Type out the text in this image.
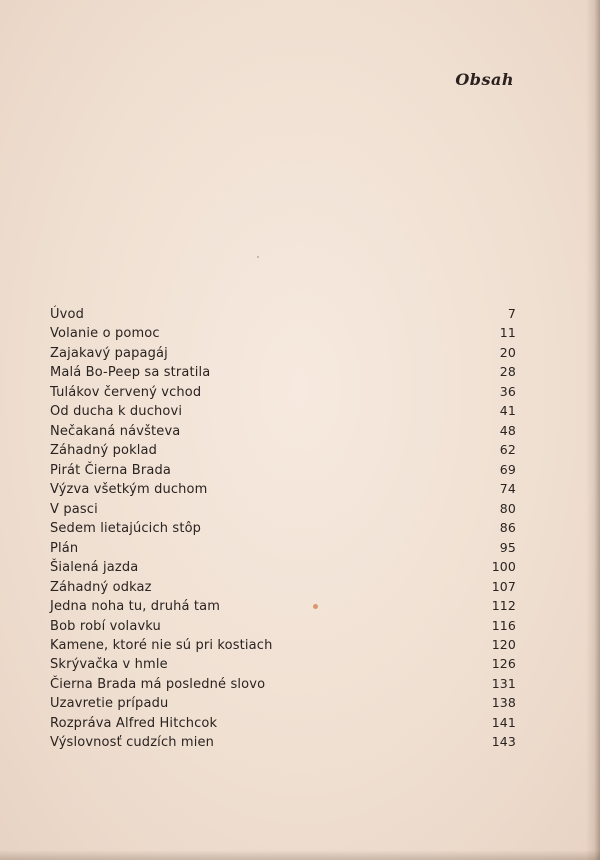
Obsah
Úvod	7
Volanie o pomoc	11
Zajakavý papagáj	20
Malá Bo-Peep sa stratila	28
Tulákov červený vchod	36
Od ducha k duchovi	41
Nečakaná návšteva	48
Záhadný poklad	62
Pirát Čierna Brada	69
Výzva všetkým duchom	74
V pasci	80
Sedem lietajúcich stôp	86
Plán	95
Šialená jazda	100
Záhadný odkaz	107
Jedna noha tu, druhá tam	112
Bob robí volavku	116
Kamene, ktoré nie sú pri kostiach	120
Skrývačka v hmle	126
Čierna Brada má posledné slovo	131
Uzavretie prípadu	138
Rozpráva Alfred Hitchcok	141
Výslovnosť cudzích mien	143
